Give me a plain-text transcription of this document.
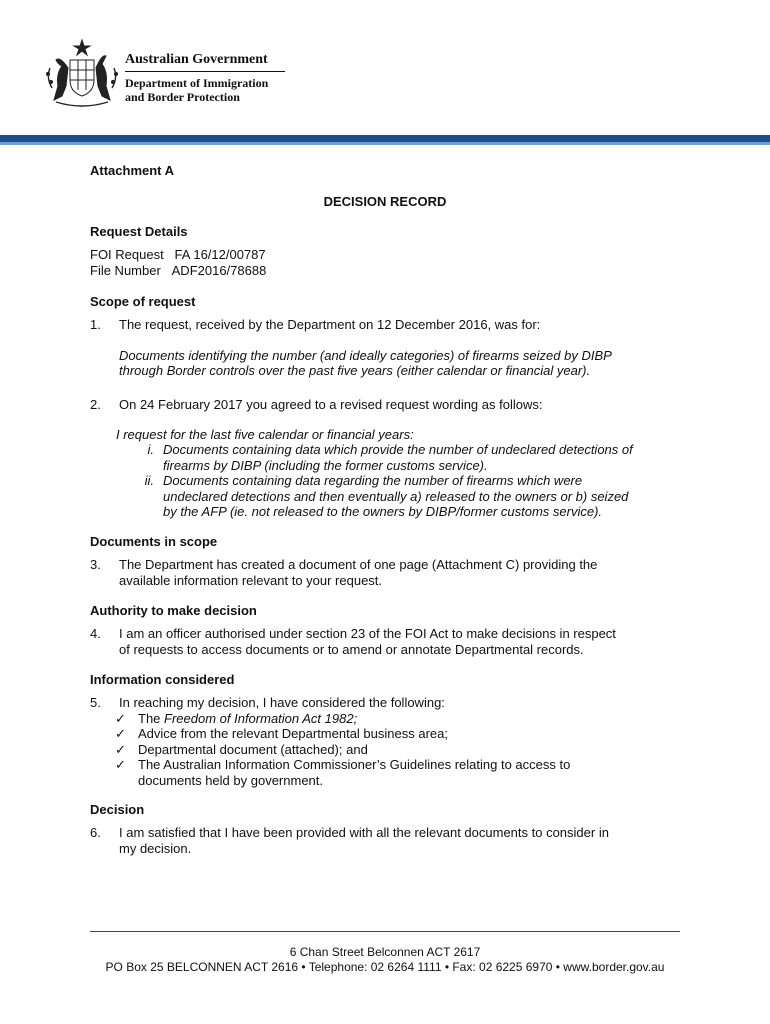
Australian Government
Department of Immigration
and Border Protection
Attachment A
DECISION RECORD
Request Details
FOI Request FA 16/12/00787
File Number ADF2016/78688
Scope of request
1.	The request, received by the Department on 12 December 2016, was for:
Documents identifying the number (and ideally categories) of firearms seized by DIBP
through Border controls over the past five years (either calendar or financial year).
2.	On 24 February 2017 you agreed to a revised request wording as follows:
I request for the last five calendar or financial years:
i. Documents containing data which provide the number of undeclared detections of
firearms by DIBP (including the former customs service).
ii. Documents containing data regarding the number of firearms which were
undeclared detections and then eventually a) released to the owners or b) seized
by the AFP (ie. not released to the owners by DIBP/former customs service).
Documents in scope
3.	The Department has created a document of one page (Attachment C) providing the
available information relevant to your request.
Authority to make decision
4.	I am an officer authorised under section 23 of the FOI Act to make decisions in respect
of requests to access documents or to amend or annotate Departmental records.
Information considered
5.	In reaching my decision, I have considered the following:
✓ The Freedom of Information Act 1982;
✓ Advice from the relevant Departmental business area;
✓ Departmental document (attached); and
✓ The Australian Information Commissioner’s Guidelines relating to access to
documents held by government.
Decision
6.	I am satisfied that I have been provided with all the relevant documents to consider in
my decision.
6 Chan Street Belconnen ACT 2617
PO Box 25 BELCONNEN ACT 2616 • Telephone: 02 6264 1111 • Fax: 02 6225 6970 • www.border.gov.au
